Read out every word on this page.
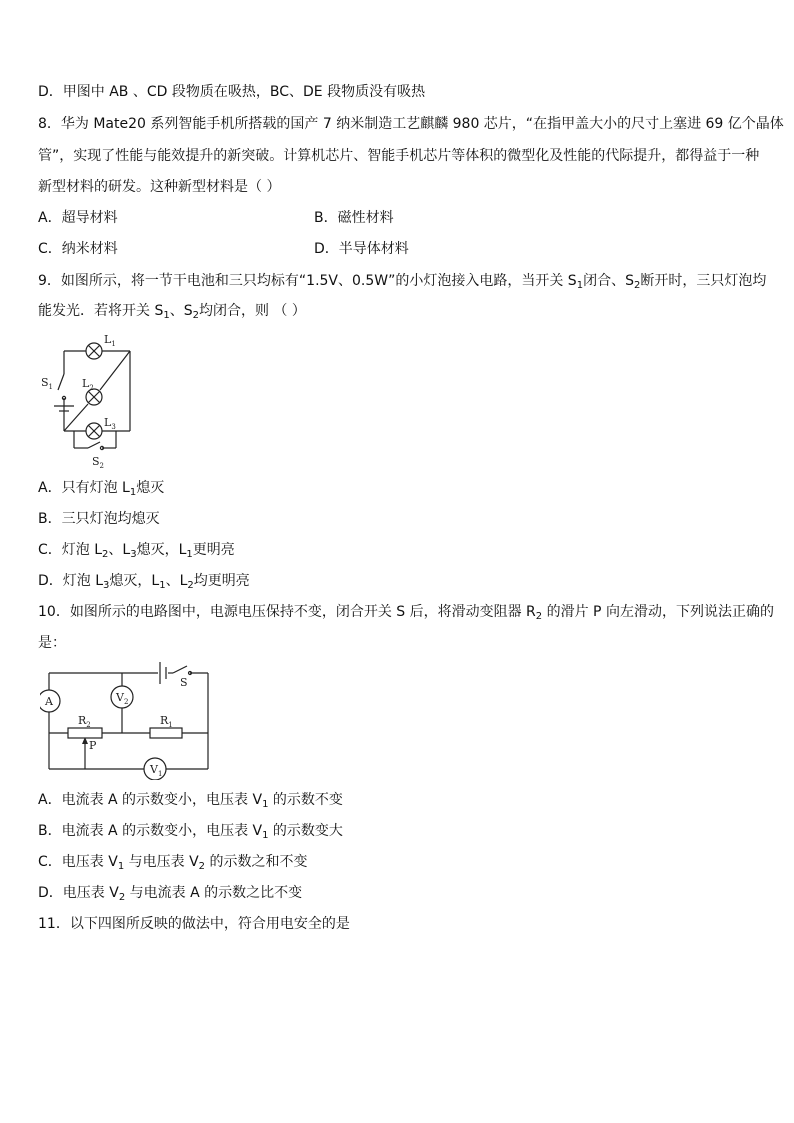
D．甲图中 AB 、CD 段物质在吸热，BC、DE 段物质没有吸热
8．华为 Mate20 系列智能手机所搭载的国产 7 纳米制造工艺麒麟 980 芯片，“在指甲盖大小的尺寸上塞进 69 亿个晶体
管”，实现了性能与能效提升的新突破。计算机芯片、智能手机芯片等体积的微型化及性能的代际提升，都得益于一种
新型材料的研发。这种新型材料是（ ）
A．超导材料	B．磁性材料
C．纳米材料	D．半导体材料
9．如图所示，将一节干电池和三只均标有“1.5V、0.5W”的小灯泡接入电路，当开关 $S_1$闭合、$S_2$断开时，三只灯泡均
能发光．若将开关 $S_1$、$S_2$均闭合，则 （ ）
$L_1$
$L_2$
$L_3$
$S_1$
$S_2$
A．只有灯泡 $L_1$熄灭
B．三只灯泡均熄灭
C．灯泡 $L_2$、$L_3$熄灭，$L_1$更明亮
D．灯泡 $L_3$熄灭，$L_1$、$L_2$均更明亮
10．如图所示的电路图中，电源电压保持不变，闭合开关 S 后，将滑动变阻器 $R_2$ 的滑片 P 向左滑动，下列说法正确的
是：
A	$V_2$
$V_1$
$R_2$	$R_1$
P
S
A．电流表 A 的示数变小，电压表 $V_1$ 的示数不变
B．电流表 A 的示数变小，电压表 $V_1$ 的示数变大
C．电压表 $V_1$ 与电压表 $V_2$ 的示数之和不变
D．电压表 $V_2$ 与电流表 A 的示数之比不变
11．以下四图所反映的做法中，符合用电安全的是
